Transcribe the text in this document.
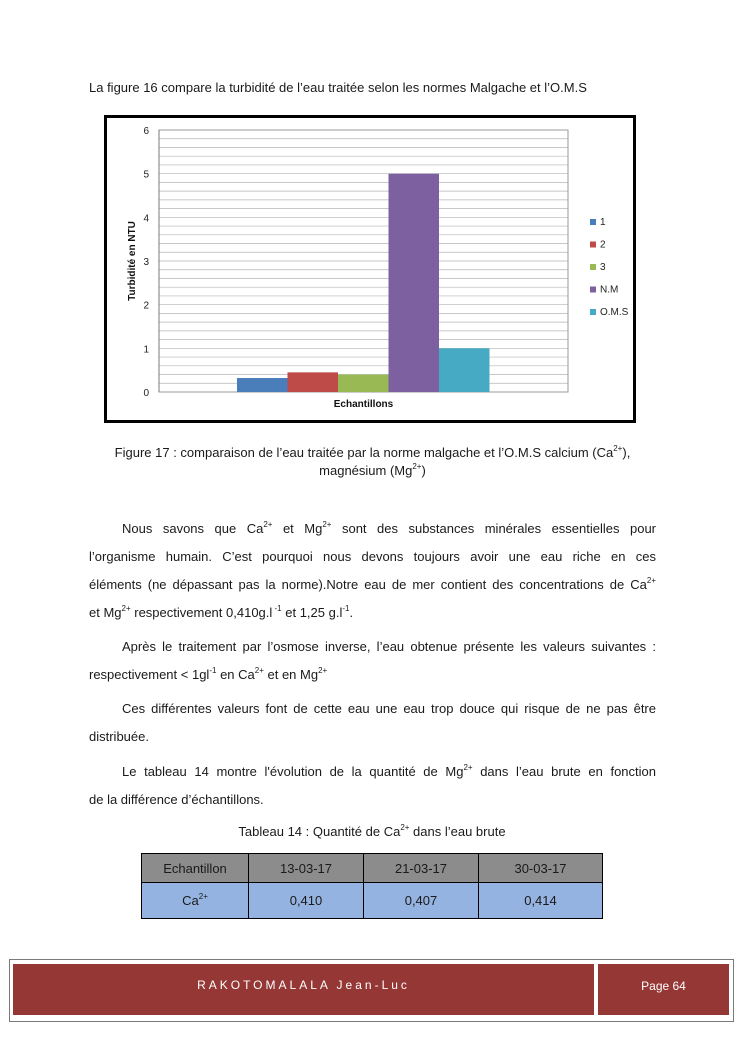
La figure 16 compare la turbidité de l’eau traitée selon les normes Malgache et l’O.M.S
0
1
2
3
4
5
6
Echantillons
Turbidité en NTU	1
2
3
N.M
O.M.S
Figure 17 : comparaison de l’eau traitée par la norme malgache et l’O.M.S calcium $(Ca^{2+})$,
magnésium $(Mg^{2+})$
Nous savons que $Ca^{2+}$ et $Mg^{2+}$ sont des substances minérales essentielles pour
l’organisme humain. C’est pourquoi nous devons toujours avoir une eau riche en ces
éléments (ne dépassant pas la norme).Notre eau de mer contient des concentrations de $Ca^{2+}$
et $Mg^{2+}$ respectivement 0,410g.l $^{-1}$ et 1,25 $g.l^{-1}$.
Après le traitement par l’osmose inverse, l’eau obtenue présente les valeurs suivantes :
respectivement < $1gl^{-1}$ en $Ca^{2+}$ et en $Mg^{2+}$
Ces différentes valeurs font de cette eau une eau trop douce qui risque de ne pas être
distribuée.
Le tableau 14 montre l'évolution de la quantité de $Mg^{2+}$ dans l’eau brute en fonction
de la différence d’échantillons.
Tableau 14 : Quantité de $Ca^{2+}$ dans l’eau brute
Echantillon	13-03-17	21-03-17	30-03-17
$Ca^{2+}$	0,410	0,407	0,414
RAKOTOMALALA Jean-Luc	Page 64
